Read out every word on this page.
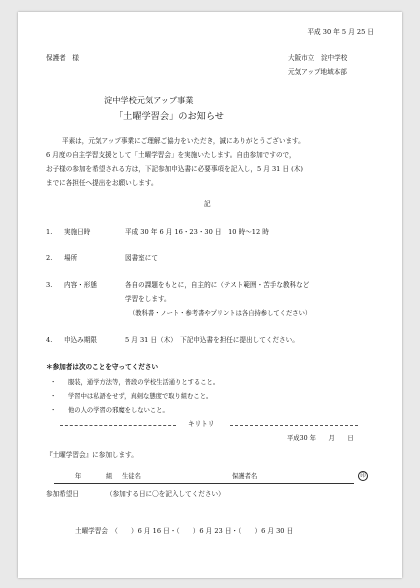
平成 30 年 5 月 25 日
保護者　様	大阪市立　淀中学校
元気アップ地域本部
淀中学校元気アップ事業
「土曜学習会」のお知らせ
平素は，元気アップ事業にご理解ご協力をいただき，誠にありがとうございます。
6 月度の自主学習支援として「土曜学習会」を実施いたします。自由参加ですので，
お子様の参加を希望される方は，下記参加申込書に必要事項を記入し，5 月 31 日 (木)
までに各担任へ提出をお願いします。
記
1. 実施日時	平成 30 年 6 月 16・23・30 日　10 時〜12 時
2. 場所	図書室にて
3. 内容・形態	各自の課題をもとに，自主的に（テスト範囲・苦手な教科など
学習をします。
（教科書・ノート・参考書やプリントは各自持参してください）
4. 申込み期限	5 月 31 日（木）　下記申込書を担任に提出してください。
＊参加者は次のことを守ってください
・ 服装，通学方法等，普段の学校生活通りとすること。
・ 学習中は私語をせず，真剣な態度で取り組むこと。
・ 他の人の学習の邪魔をしないこと。
キリトリ
平成30 年　　月　　日
『土曜学習会』に参加します。
年	組 生徒名	保護者名	印
参加希望日	（参加する日に〇を記入してください）
土曜学習会　（　　）6 月 16 日・（　　）6 月 23 日・（　　）6 月 30 日
